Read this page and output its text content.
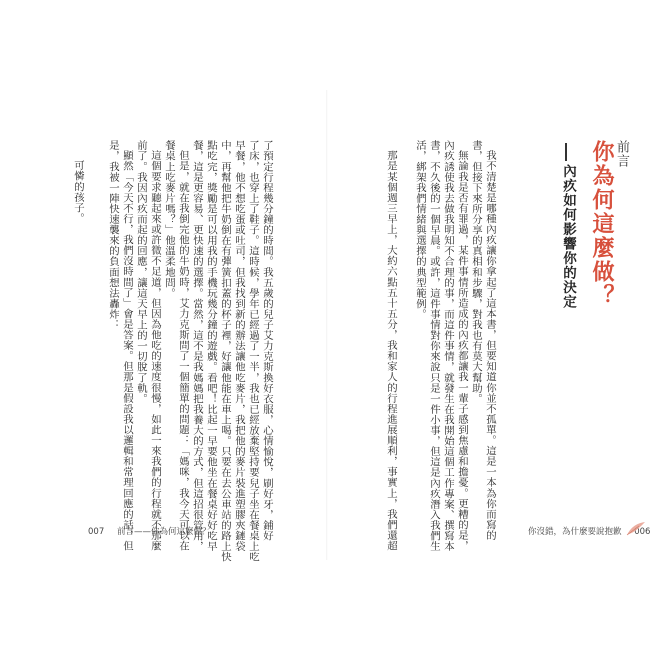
了預定行程幾分鐘的時間。我五歲的兒子艾力克斯換好衣服，心情愉悅，刷好牙，鋪好
了床，也穿上了鞋子。這時候，學年已經過了一半，我也已經放棄堅持要兒子坐在餐桌上吃
早餐，他不想吃蛋或吐司，但我找到新的辦法讓他吃麥片，我把他的麥片裝進塑膠夾鏈袋
中，再幫他把牛奶倒在有彈簧扣蓋的杯子裡，好讓他能在車上喝。只要在去公車站的路上快
點吃完，獎勵是可以用我的手機玩幾分鐘的遊戲。看吧！比起一早要他坐在餐桌好好吃早
餐，這是更容易、更快速的選擇。當然，這不是我媽媽把我養大的方式，但這招很管用，
但是，就在我倒完他的牛奶時，艾力克斯問了一個簡單的問題：「媽咪，我今天可以在
餐桌上吃麥片嗎？」他溫柔地問。
這個要求聽起來或許微不足道，但因為他吃的速度很慢，如此一來我們的行程就不那麼
前了。我因內疚而起的回應，讓這天早上的一切脫了軌。
顯然「今天不行，我們沒時間了」會是答案。但那是假設我以邏輯和常理回應的話，但
是，我被一陣快速襲來的負面想法轟炸：
可憐的孩子。
前言
你為何這麼做？
內疚如何影響你的決定
我不清楚是哪種內疚讓你拿起了這本書，但要知道你並不孤單。這是一本為你而寫的
書，但接下來所分享的真相和步驟，對我也有莫大幫助。
無論我是否有罪過，某件事情所造成的內疚都讓我一輩子感到焦慮和擔憂。更糟的是，
內疚誘使我去做我明知不合理的事，而這件事情，就發生在我開始這個工作專案、撰寫本
書，不久後的一個早晨。或許，這件事情對你來說只是一件小事，但這是內疚潛入我們生
活，綁架我們情緒與選擇的典型範例。
那是某個週三早上，大約六點五十五分，我和家人的行程進展順利，事實上，我們還超
007 前言——你為何這麼做？	你沒錯，為什麼要說抱歉 006
